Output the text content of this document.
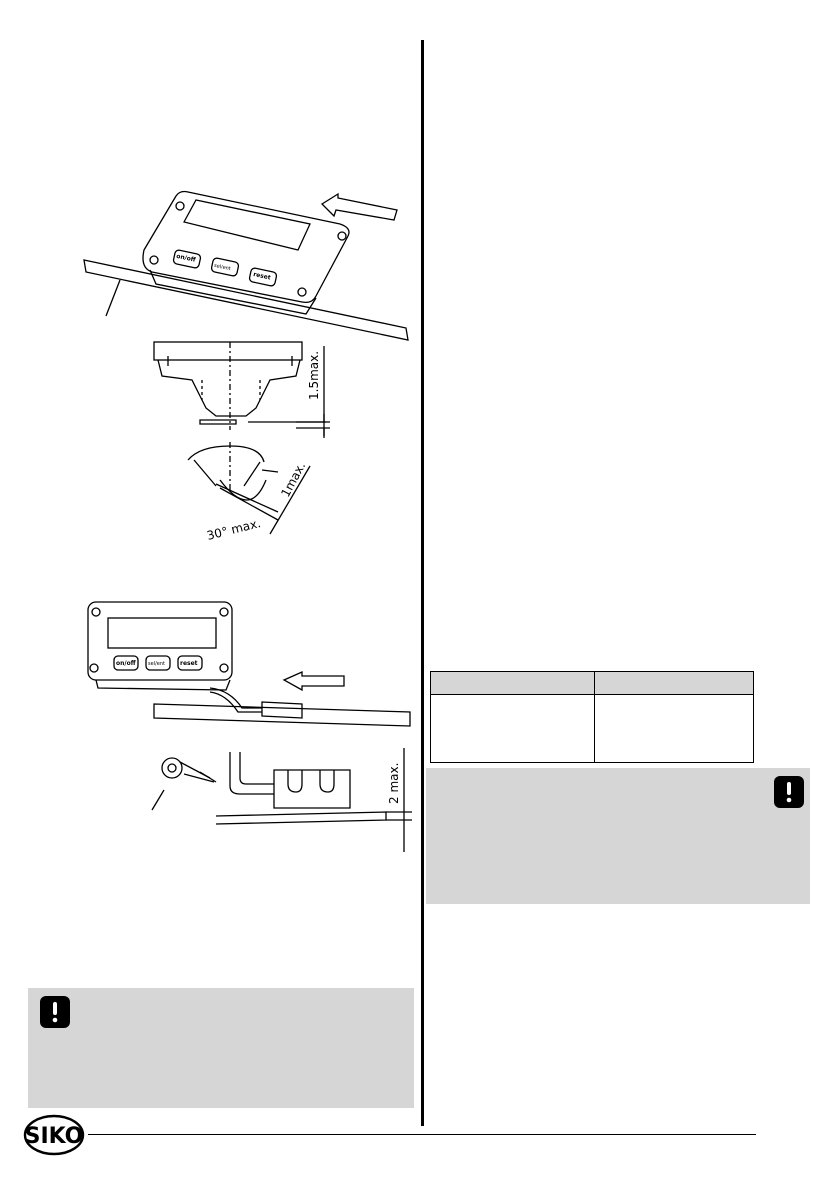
on/off
sel/ent
reset
1.5max.
1max.
30° max.
on/off sel/ent	reset
2 max.
SIKO
